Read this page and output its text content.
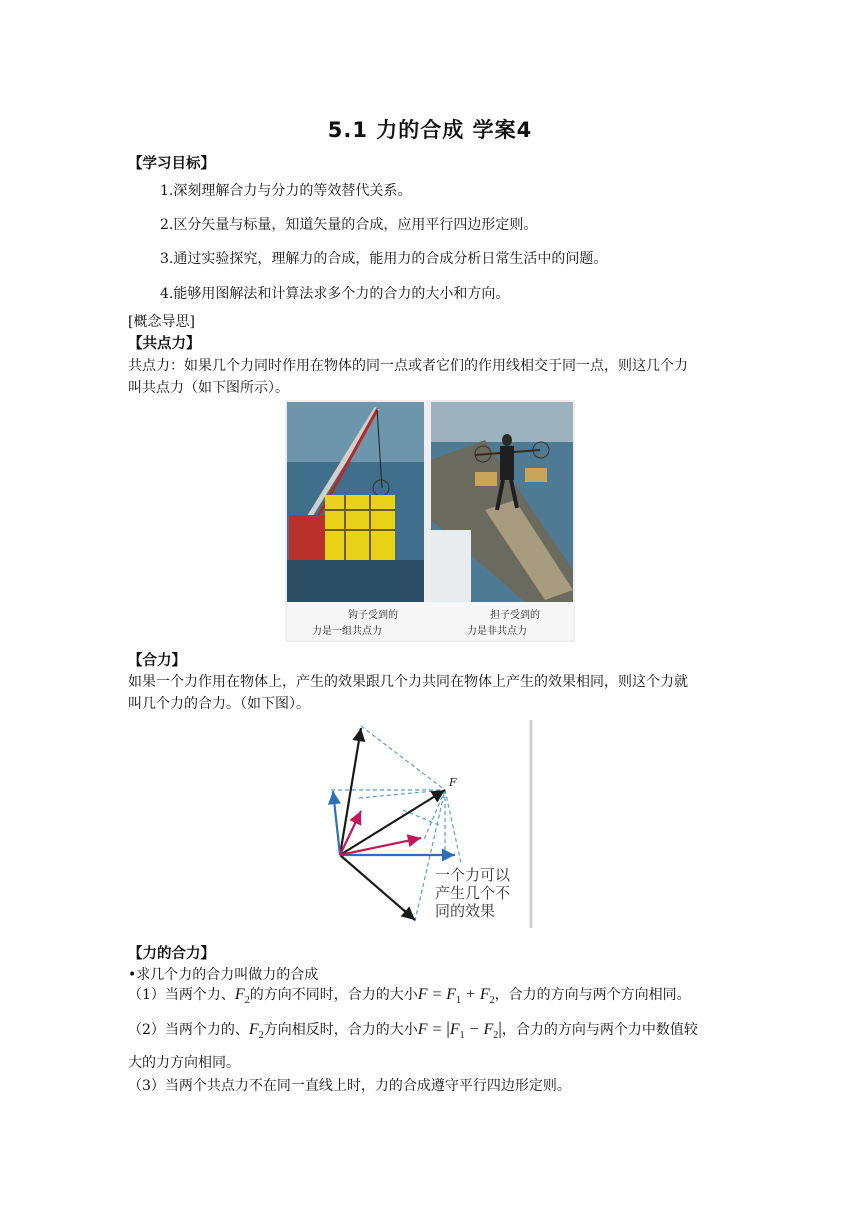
5.1 力的合成 学案4
【学习目标】
1.深刻理解合力与分力的等效替代关系。
2.区分矢量与标量，知道矢量的合成，应用平行四边形定则。
3.通过实验探究，理解力的合成，能用力的合成分析日常生活中的问题。
4.能够用图解法和计算法求多个力的合力的大小和方向。
[概念导思]
【共点力】
共点力：如果几个力同时作用在物体的同一点或者它们的作用线相交于同一点，则这几个力
叫共点力（如下图所示）。
钩子受到的
力是一组共点力
担子受到的
力是非共点力
【合力】
如果一个力作用在物体上，产生的效果跟几个力共同在物体上产生的效果相同，则这个力就
叫几个力的合力。（如下图）。
F
一个力可以
产生几个不
同的效果
【力的合力】
•求几个力的合力叫做力的合成
（1）当两个力、$F_2$的方向不同时，合力的大小$F = F_1 + F_2$，合力的方向与两个方向相同。
（2）当两个力的、$F_2$方向相反时，合力的大小$F = |F_1 - F_2|$，合力的方向与两个力中数值较
大的力方向相同。
（3）当两个共点力不在同一直线上时，力的合成遵守平行四边形定则。
